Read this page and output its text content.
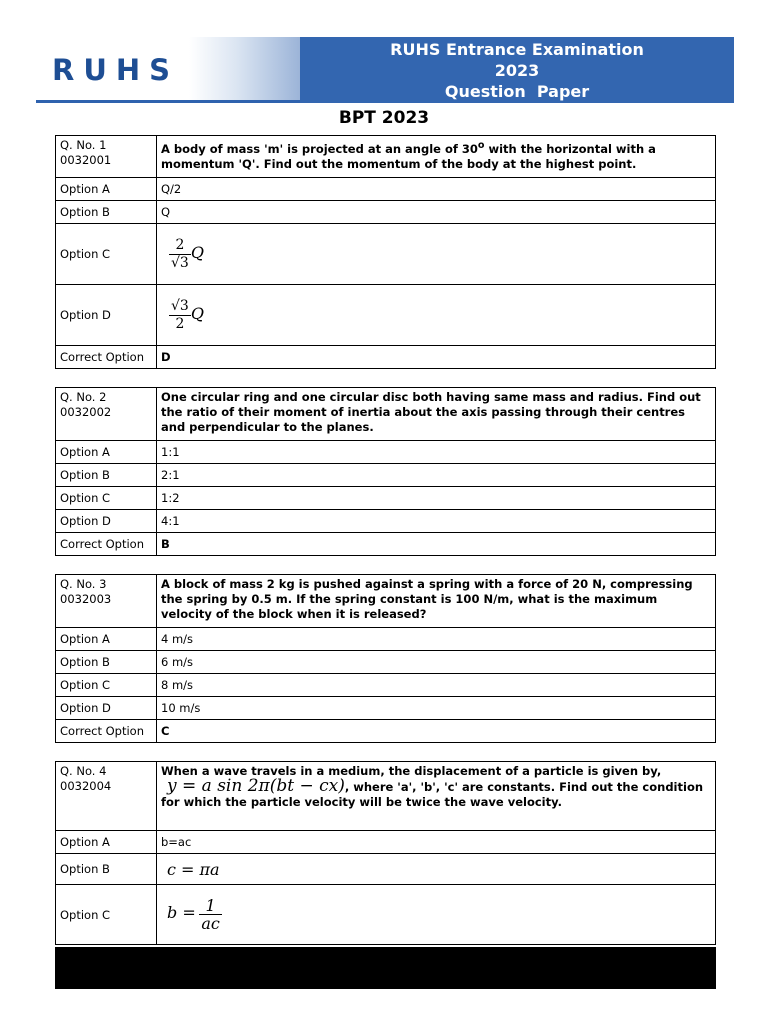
RUHS
RUHS Entrance Examination
2023
Question  Paper
BPT 2023
Q. No. 1
0032001	A body of mass 'm' is projected at an angle of 30$^o$ with the horizontal with a momentum 'Q'. Find out the momentum of the body at the highest point.
Option A	Q/2
Option B	Q
Option C	$\frac{2}{√3}$ Q
Option D	$\frac{√3}{2}$ Q
Correct Option	D
Q. No. 2
0032002	One circular ring and one circular disc both having same mass and radius. Find out the ratio of their moment of inertia about the axis passing through their centres and perpendicular to the planes.
Option A	1:1
Option B	2:1
Option C	1:2
Option D	4:1
Correct Option	B
Q. No. 3
0032003	A block of mass 2 kg is pushed against a spring with a force of 20 N, compressing the spring by 0.5 m. If the spring constant is 100 N/m, what is the maximum velocity of the block when it is released?
Option A	4 m/s
Option B	6 m/s
Option C	8 m/s
Option D	10 m/s
Correct Option	C
Q. No. 4
0032004	When a wave travels in a medium, the displacement of a particle is given by,
y = a sin 2π(bt − cx), where 'a', 'b', 'c' are constants. Find out the condition for which the particle velocity will be twice the wave velocity.
Option A	b=ac
Option B	c = πa
Option C	$b = \frac{1}{ac}$
